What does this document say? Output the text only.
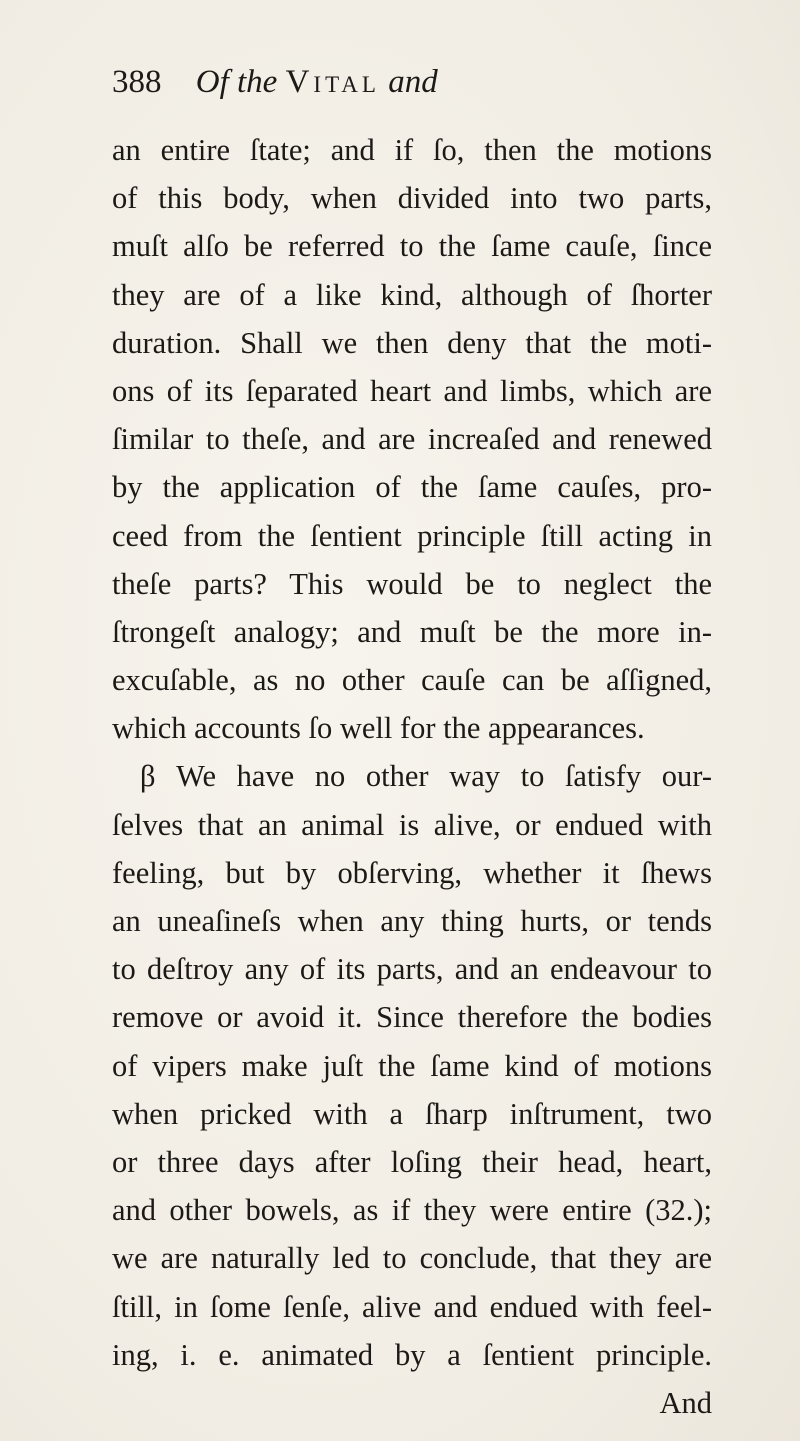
388 Of the Vital and
an entire ſtate; and if ſo, then the motions
of this body, when divided into two parts,
muſt alſo be referred to the ſame cauſe, ſince
they are of a like kind, although of ſhorter
duration. Shall we then deny that the moti-
ons of its ſeparated heart and limbs, which are
ſimilar to theſe, and are increaſed and renewed
by the application of the ſame cauſes, pro-
ceed from the ſentient principle ſtill acting in
theſe parts? This would be to neglect the
ſtrongeſt analogy; and muſt be the more in-
excuſable, as no other cauſe can be aſſigned,
which accounts ſo well for the appearances.
β We have no other way to ſatisfy our-
ſelves that an animal is alive, or endued with
feeling, but by obſerving, whether it ſhews
an uneaſineſs when any thing hurts, or tends
to deſtroy any of its parts, and an endeavour to
remove or avoid it. Since therefore the bodies
of vipers make juſt the ſame kind of motions
when pricked with a ſharp inſtrument, two
or three days after loſing their head, heart,
and other bowels, as if they were entire (32.);
we are naturally led to conclude, that they are
ſtill, in ſome ſenſe, alive and endued with feel-
ing, i. e. animated by a ſentient principle.
And
